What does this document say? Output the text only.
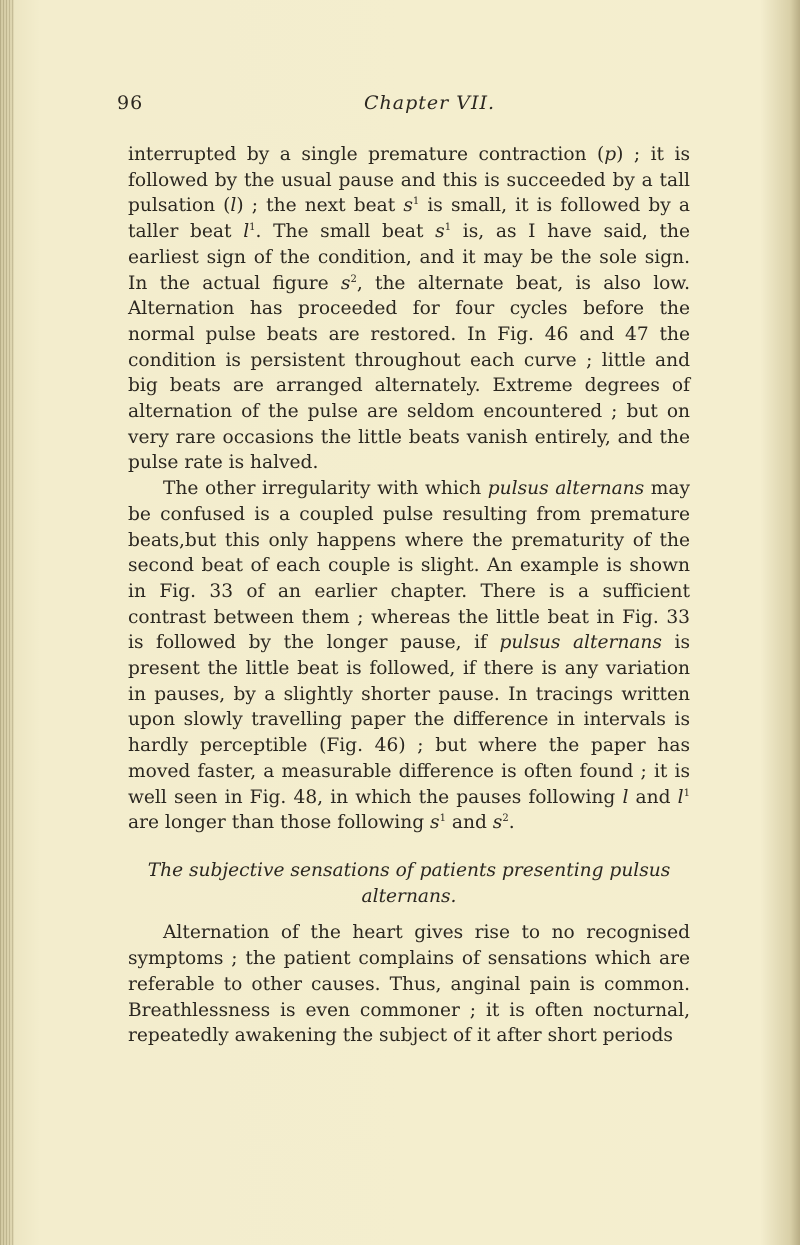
96	Chapter VII.

interrupted by a single premature contraction (p) ; it is followed by the usual pause and this is succeeded by a tall pulsation (l) ; the next beat $s^1$ is small, it is followed by a taller beat $l^1$. The small beat $s^1$ is, as I have said, the earliest sign of the condition, and it may be the sole sign. In the actual figure $s^2$, the alternate beat, is also low. Alternation has proceeded for four cycles before the normal pulse beats are restored. In Fig. 46 and 47 the condition is persistent throughout each curve ; little and big beats are arranged alternately. Extreme degrees of alternation of the pulse are seldom encountered ; but on very rare occasions the little beats vanish entirely, and the pulse rate is halved.

The other irregularity with which pulsus alternans may be confused is a coupled pulse resulting from premature beats,but this only happens where the prematurity of the second beat of each couple is slight. An example is shown in Fig. 33 of an earlier chapter. There is a sufficient contrast between them ; whereas the little beat in Fig. 33 is followed by the longer pause, if pulsus alternans is present the little beat is followed, if there is any variation in pauses, by a slightly shorter pause. In tracings written upon slowly travelling paper the difference in intervals is hardly perceptible (Fig. 46) ; but where the paper has moved faster, a measurable difference is often found ; it is well seen in Fig. 48, in which the pauses following l and $l^1$ are longer than those following $s^1$ and $s^2$.

The subjective sensations of patients presenting pulsus alternans.

Alternation of the heart gives rise to no recognised symptoms ; the patient complains of sensations which are referable to other causes. Thus, anginal pain is common. Breathlessness is even commoner ; it is often nocturnal, repeatedly awakening the subject of it after short periods
